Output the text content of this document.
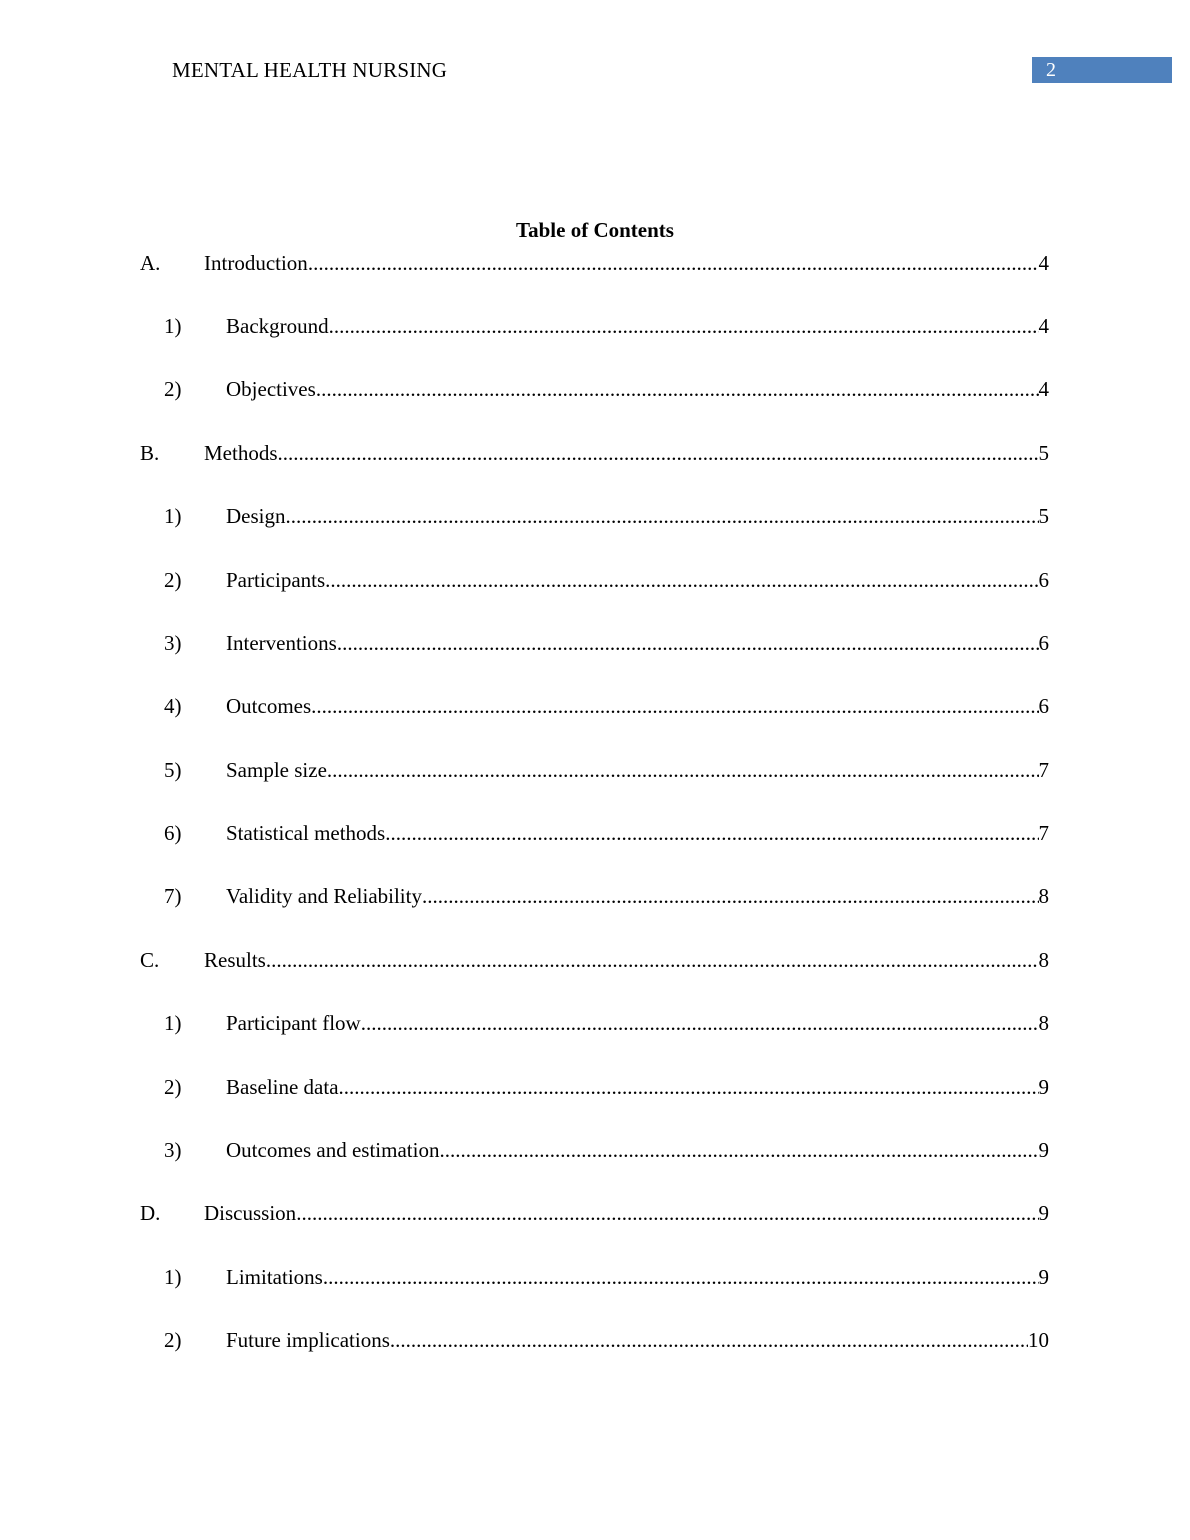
MENTAL HEALTH NURSING	2
Table of Contents
A. Introduction .....	4
1) Background .....	4
2) Objectives .....	4
B. Methods .....	5
1) Design .....	5
2) Participants .....	6
3) Interventions .....	6
4) Outcomes .....	6
5) Sample size .....	7
6) Statistical methods .....	7
7) Validity and Reliability .....	8
C. Results .....	8
1) Participant flow .....	8
2) Baseline data .....	9
3) Outcomes and estimation .....	9
D. Discussion .....	9
1) Limitations .....	9
2) Future implications .....	10
